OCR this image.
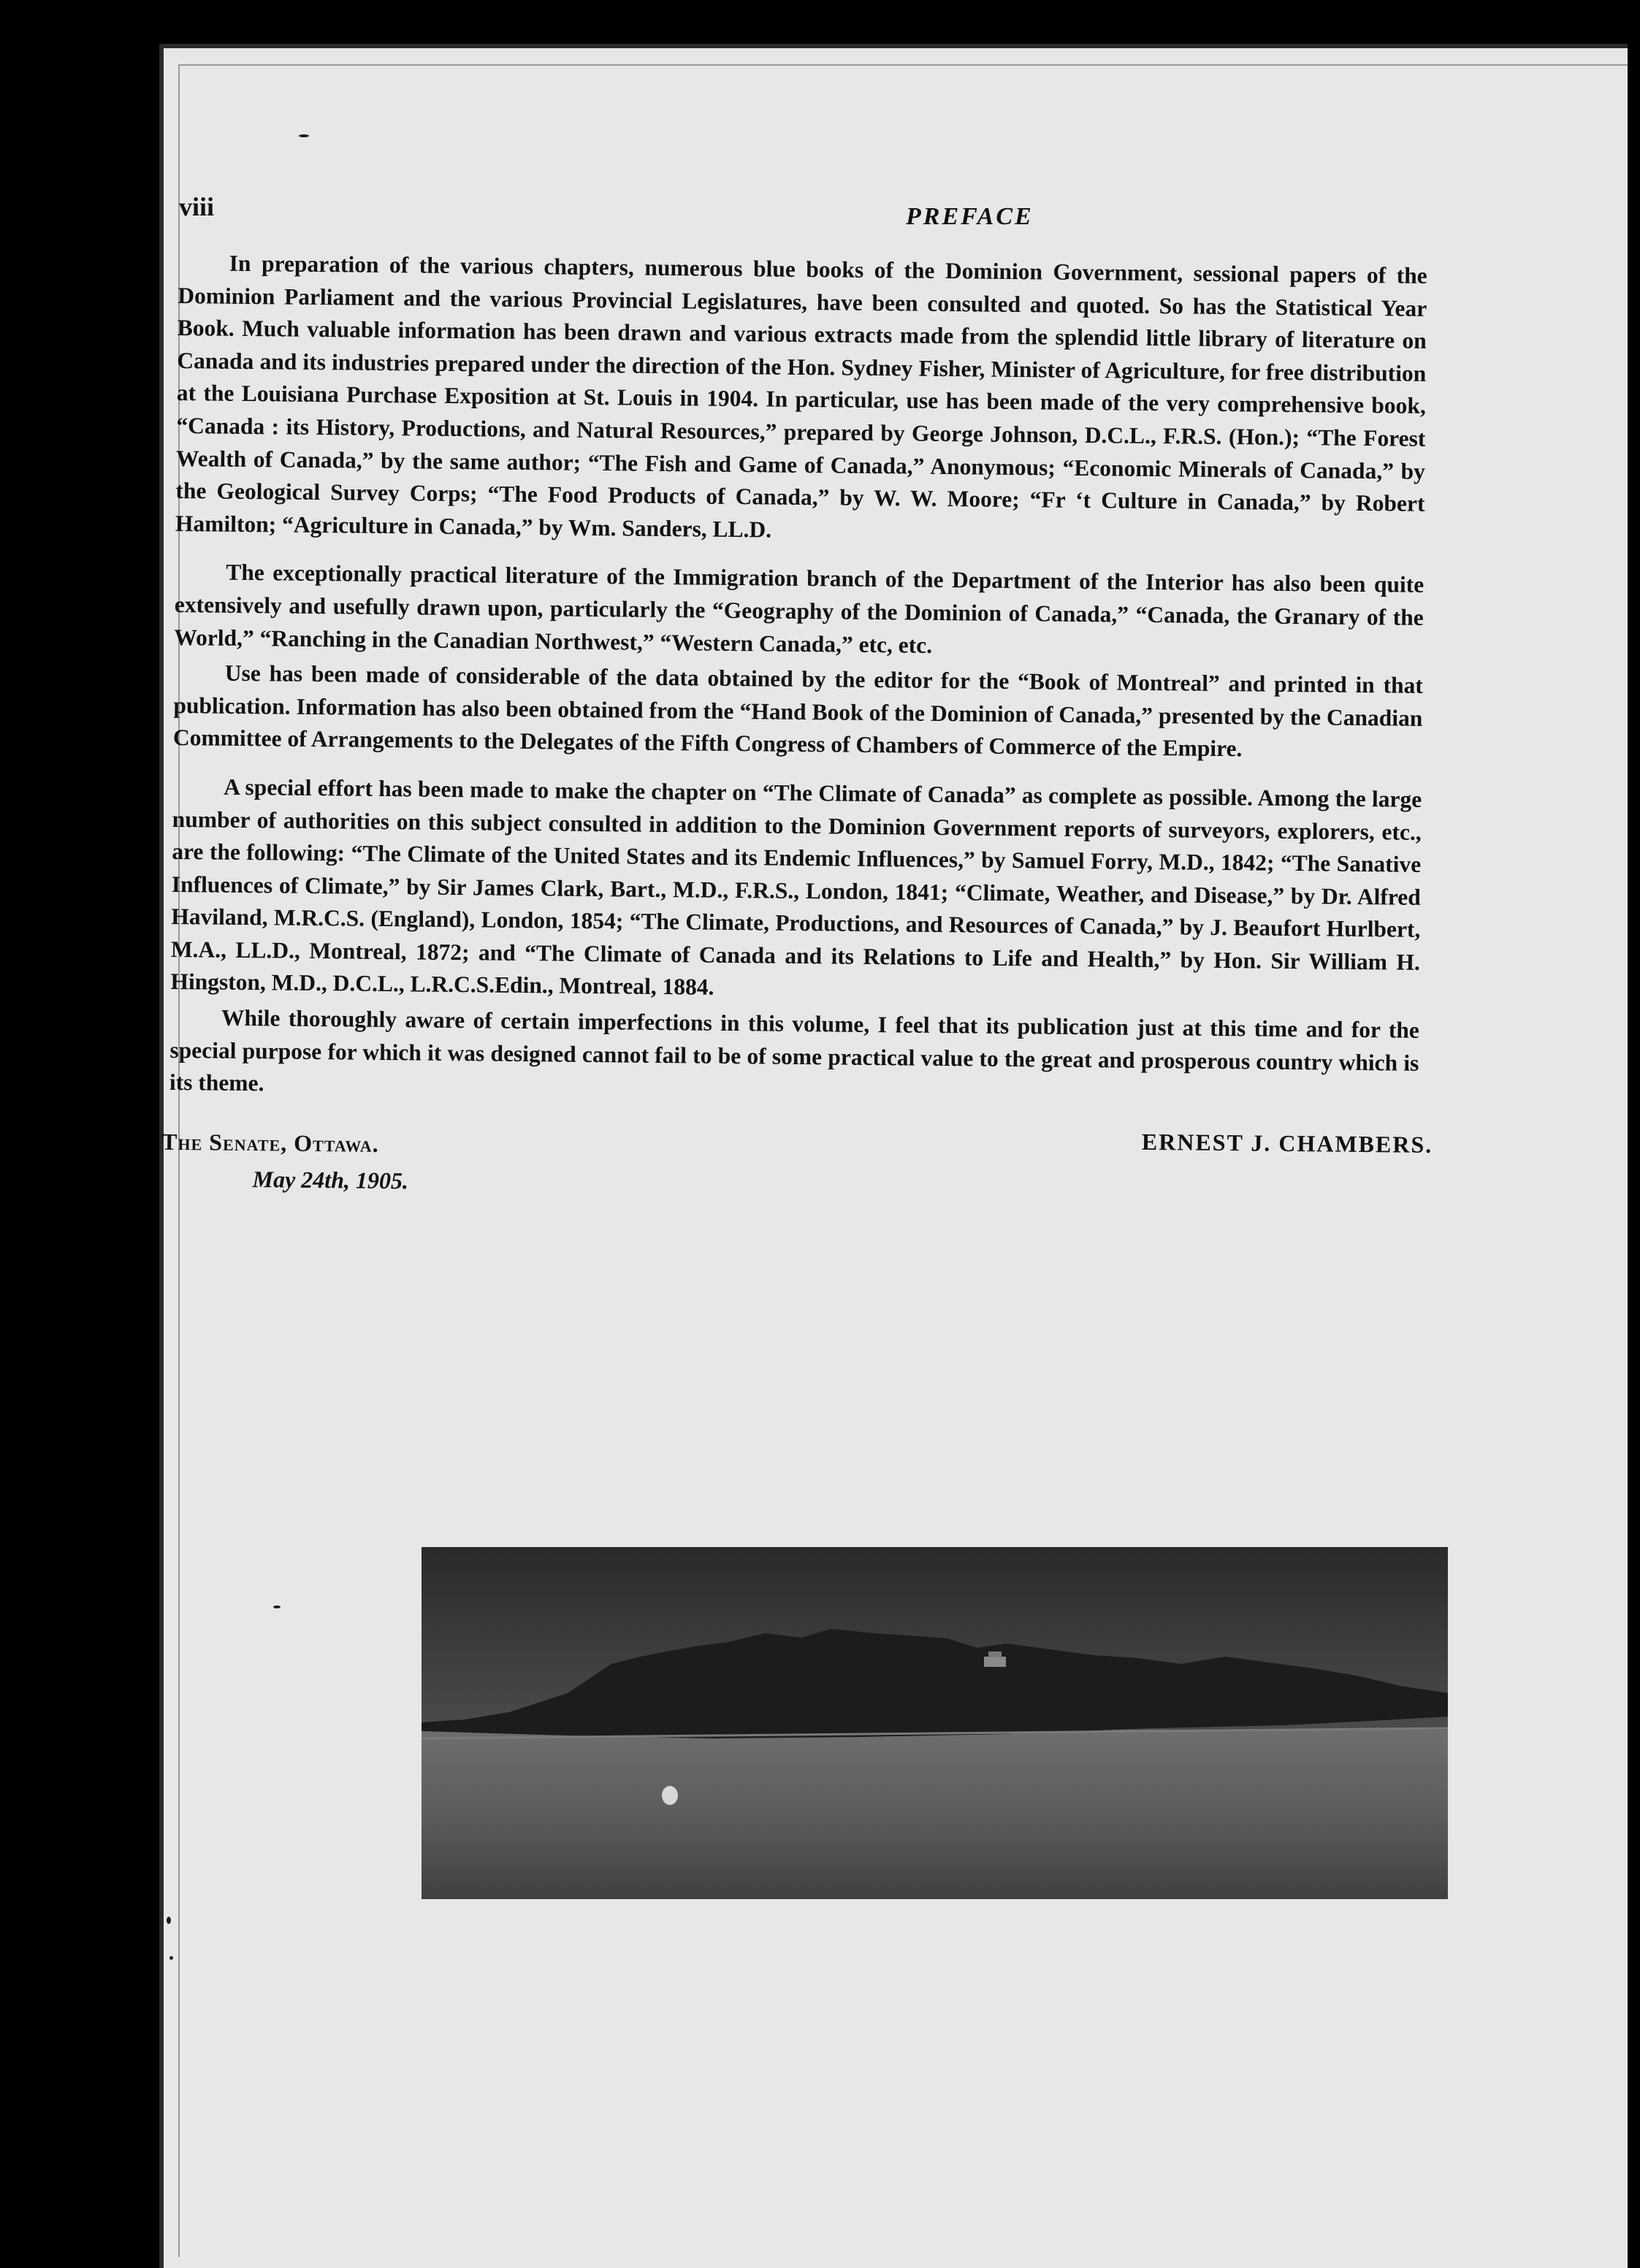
viii	PREFACE

In preparation of the various chapters, numerous blue books of the Dominion Government, sessional papers of the Dominion Parliament and the various Provincial Legislatures, have been consulted and quoted. So has the Statistical Year Book. Much valuable information has been drawn and various extracts made from the splendid little library of literature on Canada and its industries prepared under the direction of the Hon. Sydney Fisher, Minister of Agriculture, for free distribution at the Louisiana Purchase Exposition at St. Louis in 1904. In particular, use has been made of the very comprehensive book, “Canada : its History, Productions, and Natural Resources,” prepared by George Johnson, D.C.L., F.R.S. (Hon.); “The Forest Wealth of Canada,” by the same author; “The Fish and Game of Canada,” Anonymous; “Economic Minerals of Canada,” by the Geological Survey Corps; “The Food Products of Canada,” by W. W. Moore; “Fr ‘t Culture in Canada,” by Robert Hamilton; “Agriculture in Canada,” by Wm. Sanders, LL.D.

The exceptionally practical literature of the Immigration branch of the Department of the Interior has also been quite extensively and usefully drawn upon, particularly the “Geography of the Dominion of Canada,” “Canada, the Granary of the World,” “Ranching in the Canadian Northwest,” “Western Canada,” etc, etc.

Use has been made of considerable of the data obtained by the editor for the “Book of Montreal” and printed in that publication. Information has also been obtained from the “Hand Book of the Dominion of Canada,” presented by the Canadian Committee of Arrangements to the Delegates of the Fifth Congress of Chambers of Commerce of the Empire.

A special effort has been made to make the chapter on “The Climate of Canada” as complete as possible. Among the large number of authorities on this subject consulted in addition to the Dominion Government reports of surveyors, explorers, etc., are the following: “The Climate of the United States and its Endemic Influences,” by Samuel Forry, M.D., 1842; “The Sanative Influences of Climate,” by Sir James Clark, Bart., M.D., F.R.S., London, 1841; “Climate, Weather, and Disease,” by Dr. Alfred Haviland, M.R.C.S. (England), London, 1854; “The Climate, Productions, and Resources of Canada,” by J. Beaufort Hurlbert, M.A., LL.D., Montreal, 1872; and “The Climate of Canada and its Relations to Life and Health,” by Hon. Sir William H. Hingston, M.D., D.C.L., L.R.C.S.Edin., Montreal, 1884.

While thoroughly aware of certain imperfections in this volume, I feel that its publication just at this time and for the special purpose for which it was designed cannot fail to be of some practical value to the great and prosperous country which is its theme.

The Senate, Ottawa.
May 24th, 1905.
ERNEST J. CHAMBERS.
